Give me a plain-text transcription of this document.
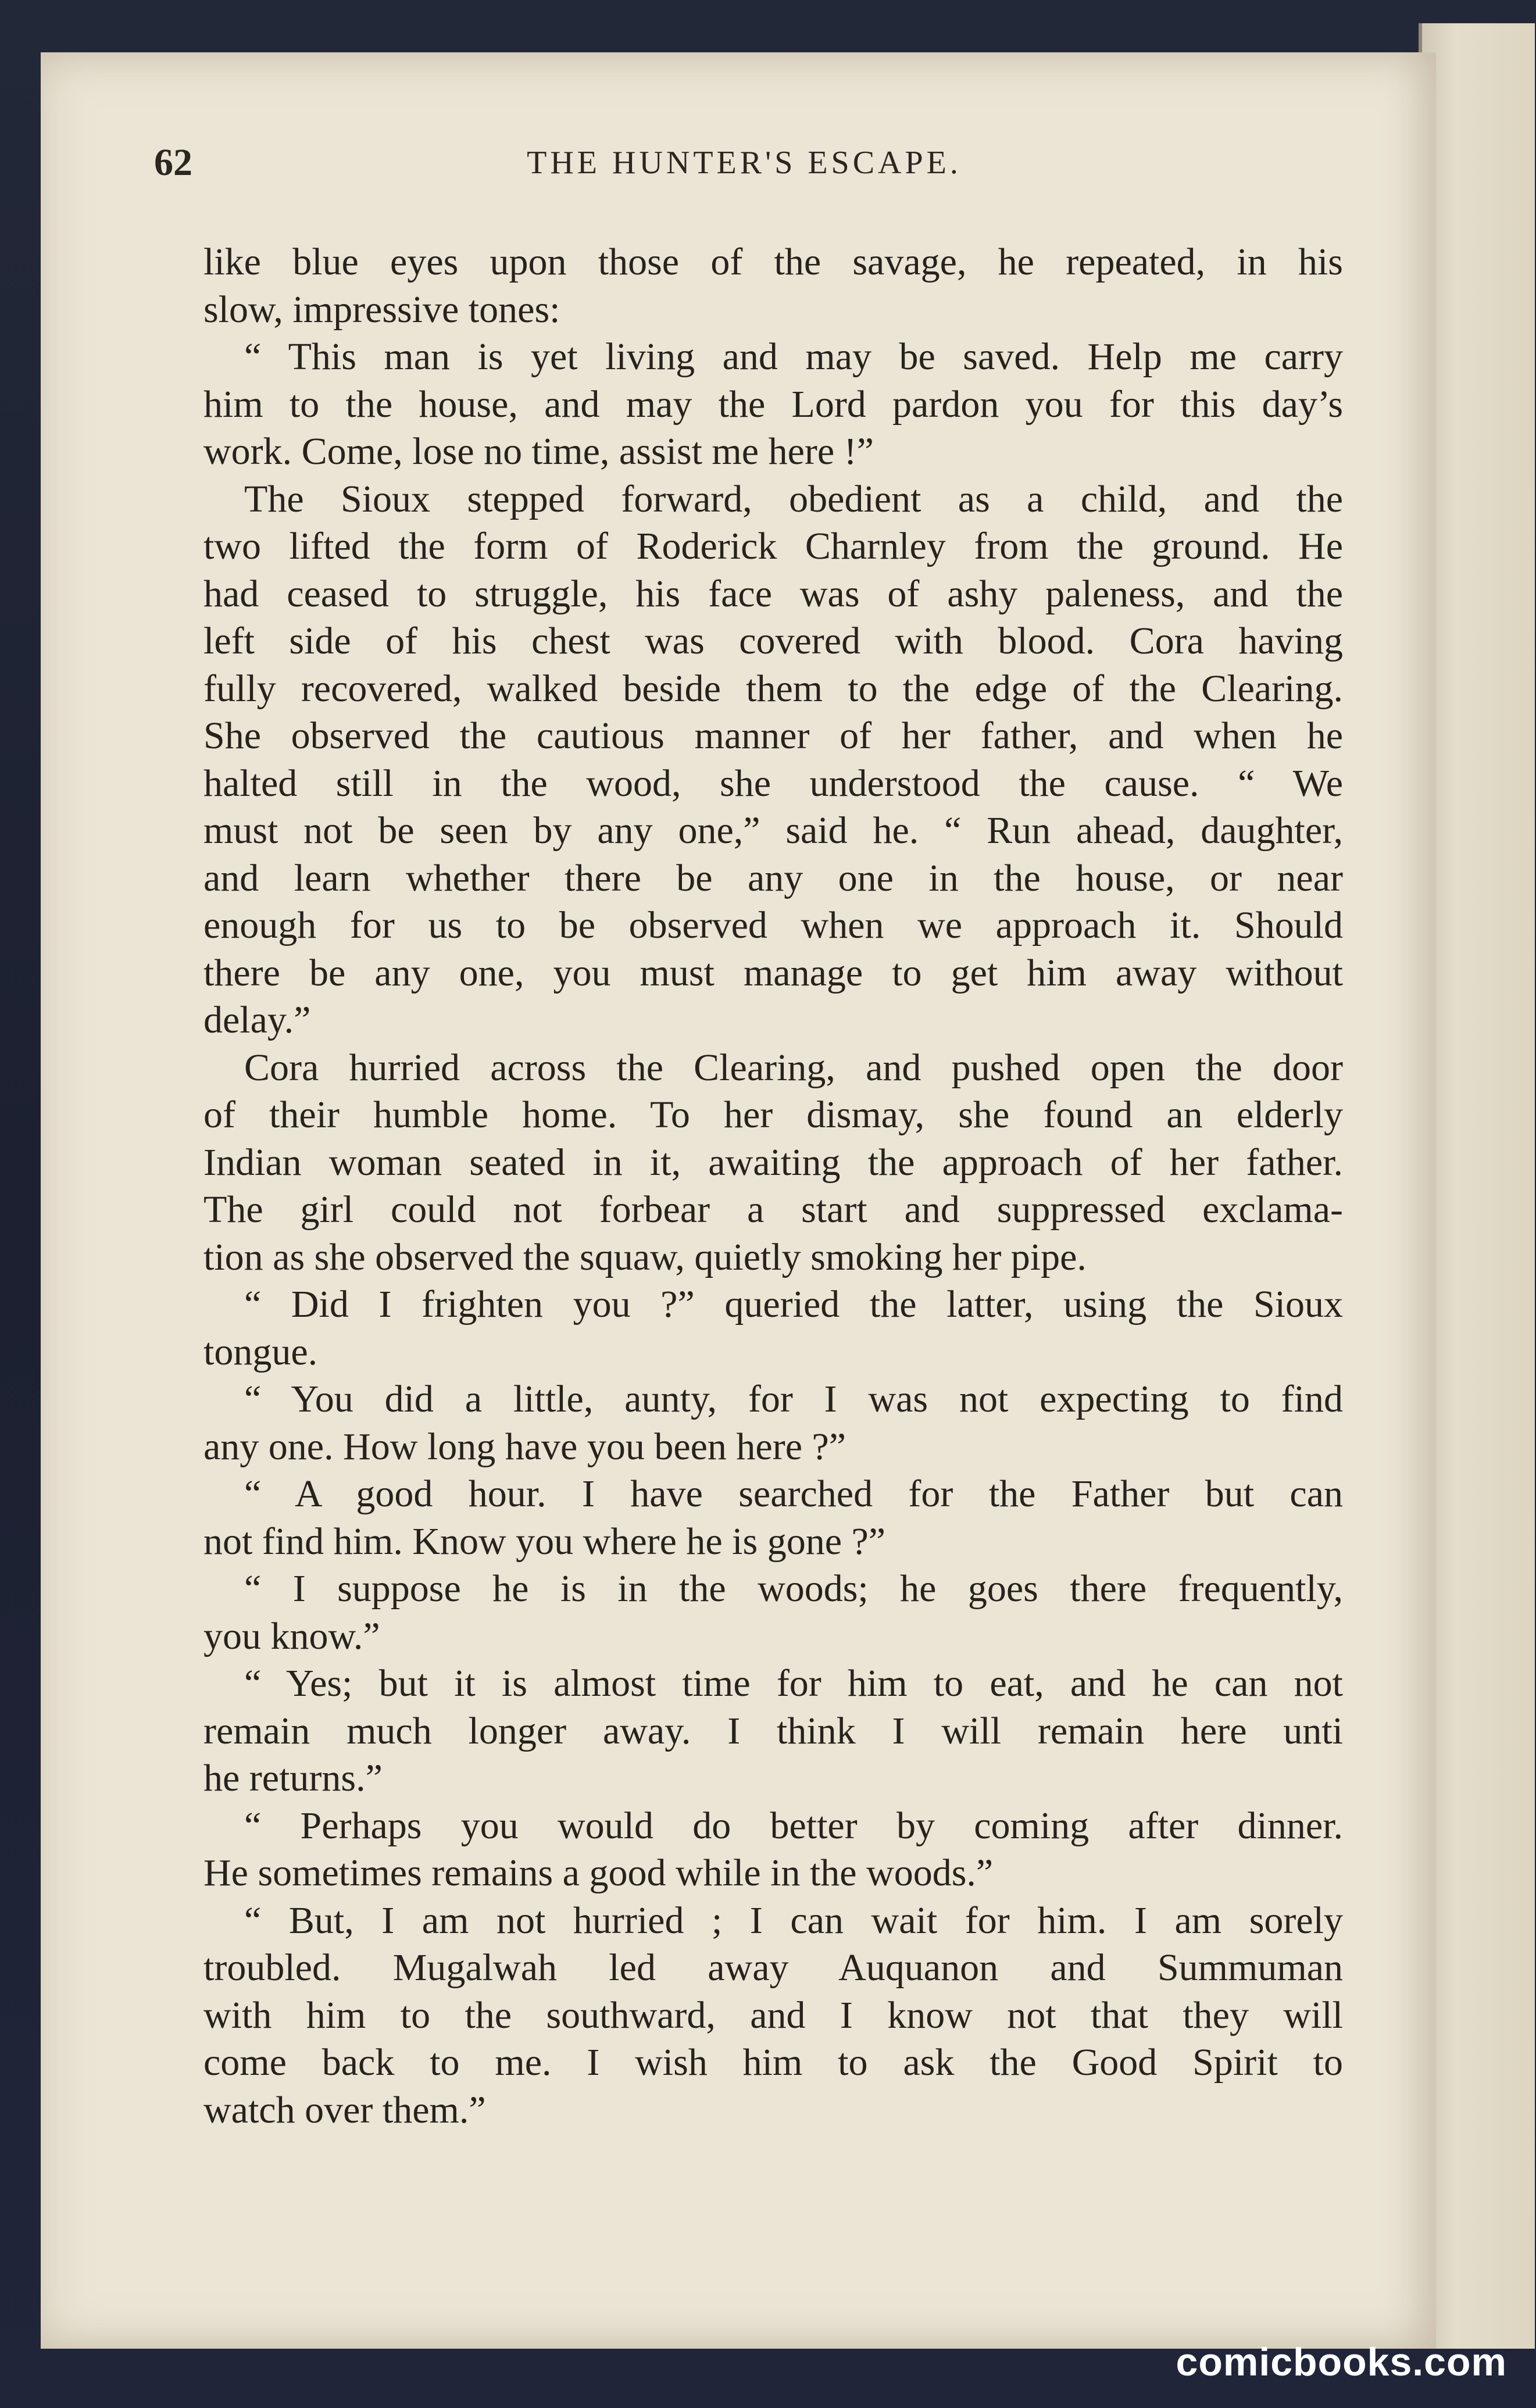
62	THE HUNTER'S ESCAPE.
like blue eyes upon those of the savage, he repeated, in his
slow, impressive tones:
“ This man is yet living and may be saved. Help me carry
him to the house, and may the Lord pardon you for this day’s
work. Come, lose no time, assist me here !”
The Sioux stepped forward, obedient as a child, and the
two lifted the form of Roderick Charnley from the ground. He
had ceased to struggle, his face was of ashy paleness, and the
left side of his chest was covered with blood. Cora having
fully recovered, walked beside them to the edge of the Clearing.
She observed the cautious manner of her father, and when he
halted still in the wood, she understood the cause. “ We
must not be seen by any one,” said he. “ Run ahead, daughter,
and learn whether there be any one in the house, or near
enough for us to be observed when we approach it. Should
there be any one, you must manage to get him away without
delay.”
Cora hurried across the Clearing, and pushed open the door
of their humble home. To her dismay, she found an elderly
Indian woman seated in it, awaiting the approach of her father.
The girl could not forbear a start and suppressed exclama-
tion as she observed the squaw, quietly smoking her pipe.
“ Did I frighten you ?” queried the latter, using the Sioux
tongue.
“ You did a little, aunty, for I was not expecting to find
any one. How long have you been here ?”
“ A good hour. I have searched for the Father but can
not find him. Know you where he is gone ?”
“ I suppose he is in the woods; he goes there frequently,
you know.”
“ Yes; but it is almost time for him to eat, and he can not
remain much longer away. I think I will remain here unti
he returns.”
“ Perhaps you would do better by coming after dinner.
He sometimes remains a good while in the woods.”
“ But, I am not hurried ; I can wait for him. I am sorely
troubled. Mugalwah led away Auquanon and Summuman
with him to the southward, and I know not that they will
come back to me. I wish him to ask the Good Spirit to
watch over them.”
comicbooks.com
